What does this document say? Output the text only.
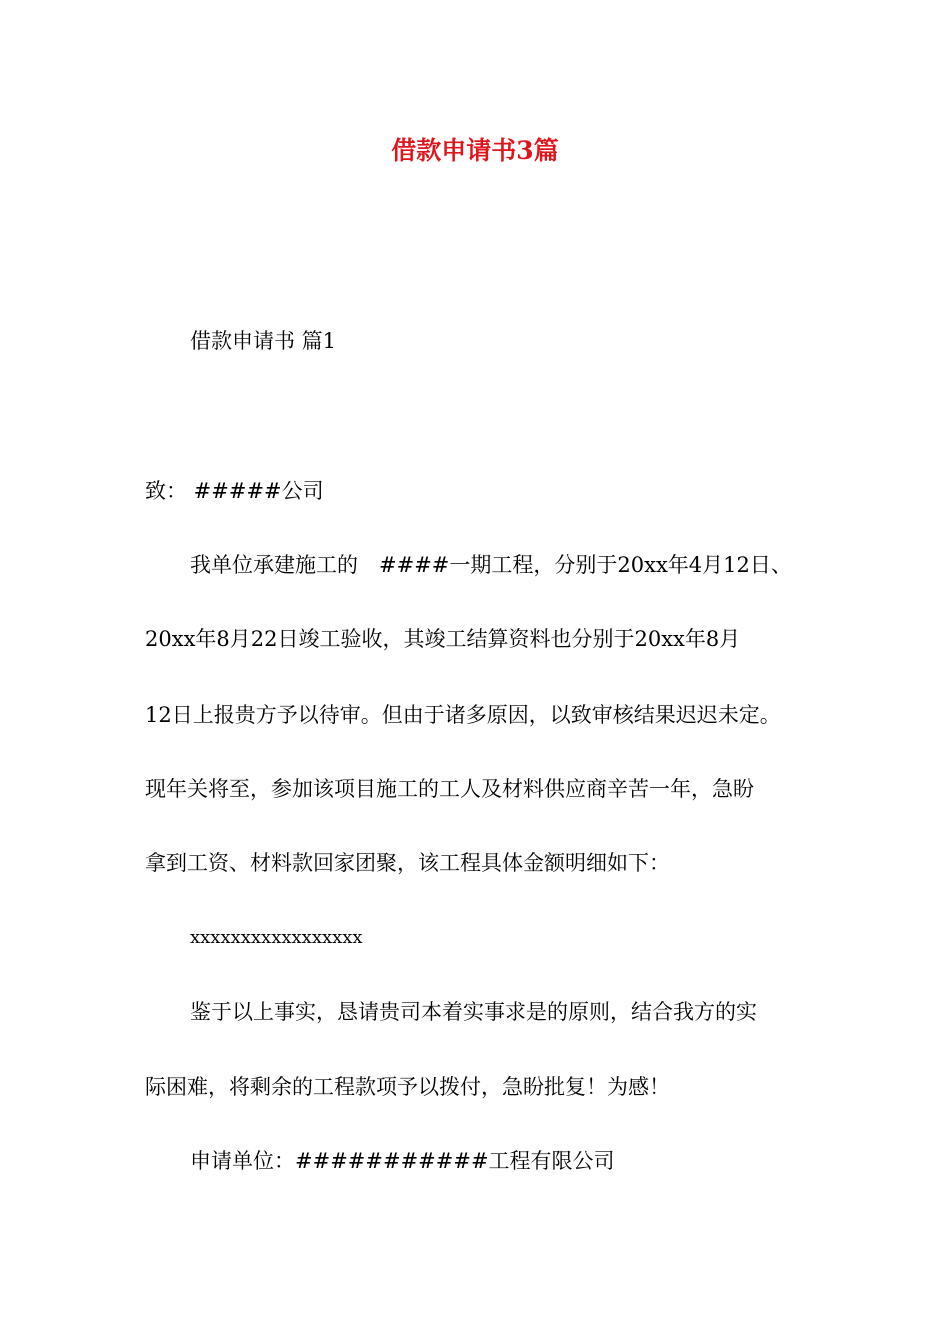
借款申请书3篇
借款申请书 篇1
致： #####公司
我单位承建施工的　####一期工程，分别于20xx年4月12日、
20xx年8月22日竣工验收，其竣工结算资料也分别于20xx年8月
12日上报贵方予以待审。但由于诸多原因，以致审核结果迟迟未定。
现年关将至，参加该项目施工的工人及材料供应商辛苦一年，急盼
拿到工资、材料款回家团聚，该工程具体金额明细如下：
xxxxxxxxxxxxxxxxx
鉴于以上事实，恳请贵司本着实事求是的原则，结合我方的实
际困难，将剩余的工程款项予以拨付，急盼批复！为感！
申请单位：###########工程有限公司
